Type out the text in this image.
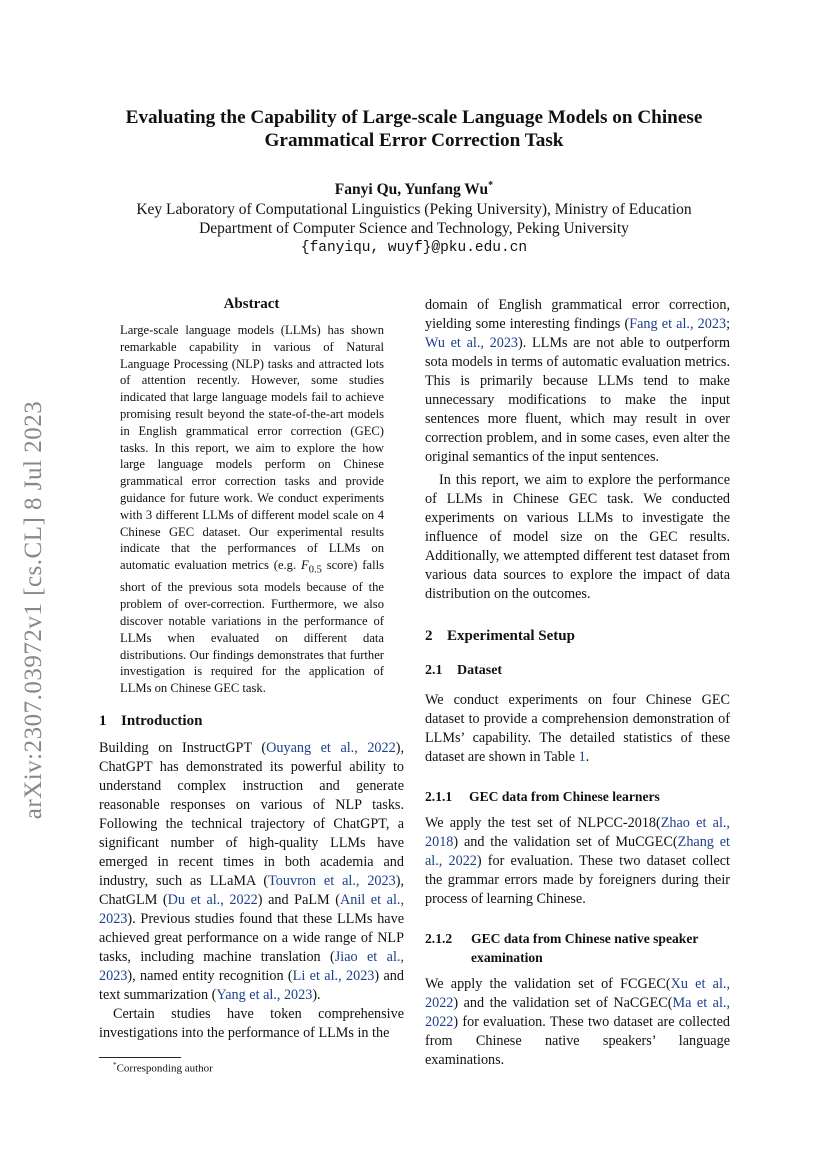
arXiv:2307.03972v1 [cs.CL] 8 Jul 2023
Evaluating the Capability of Large-scale Language Models on Chinese
Grammatical Error Correction Task
Fanyi Qu, Yunfang Wu*
Key Laboratory of Computational Linguistics (Peking University), Ministry of Education
Department of Computer Science and Technology, Peking University
{fanyiqu, wuyf}@pku.edu.cn
Abstract

Large-scale language models (LLMs) has shown remarkable capability in various of Natural Language Processing (NLP) tasks and attracted lots of attention recently. However, some studies indicated that large language models fail to achieve promising result beyond the state-of-the-art models in English grammatical error correction (GEC) tasks. In this report, we aim to explore the how large language models perform on Chinese grammatical error correction tasks and provide guidance for future work. We conduct experiments with 3 different LLMs of different model scale on 4 Chinese GEC dataset. Our experimental results indicate that the performances of LLMs on automatic evaluation metrics (e.g. $F_{0.5}$ score) falls short of the previous sota models because of the problem of over-correction. Furthermore, we also discover notable variations in the performance of LLMs when evaluated on different data distributions. Our findings demonstrates that further investigation is required for the application of LLMs on Chinese GEC task.

1 Introduction

Building on InstructGPT (Ouyang et al., 2022), ChatGPT has demonstrated its powerful ability to understand complex instruction and generate reasonable responses on various of NLP tasks. Following the technical trajectory of ChatGPT, a significant number of high-quality LLMs have emerged in recent times in both academia and industry, such as LLaMA (Touvron et al., 2023), ChatGLM (Du et al., 2022) and PaLM (Anil et al., 2023). Previous studies found that these LLMs have achieved great performance on a wide range of NLP tasks, including machine translation (Jiao et al., 2023), named entity recognition (Li et al., 2023) and text summarization (Yang et al., 2023).

Certain studies have token comprehensive investigations into the performance of LLMs in the

domain of English grammatical error correction, yielding some interesting findings (Fang et al., 2023; Wu et al., 2023). LLMs are not able to outperform sota models in terms of automatic evaluation metrics. This is primarily because LLMs tend to make unnecessary modifications to make the input sentences more fluent, which may result in over correction problem, and in some cases, even alter the original semantics of the input sentences.

In this report, we aim to explore the performance of LLMs in Chinese GEC task. We conducted experiments on various LLMs to investigate the influence of model size on the GEC results. Additionally, we attempted different test dataset from various data sources to explore the impact of data distribution on the outcomes.

2 Experimental Setup
2.1 Dataset

We conduct experiments on four Chinese GEC dataset to provide a comprehension demonstration of LLMs’ capability. The detailed statistics of these dataset are shown in Table 1.

2.1.1 GEC data from Chinese learners

We apply the test set of NLPCC-2018(Zhao et al., 2018) and the validation set of MuCGEC(Zhang et al., 2022) for evaluation. These two dataset collect the grammar errors made by foreigners during their process of learning Chinese.

2.1.2	GEC data from Chinese native speaker examination

We apply the validation set of FCGEC(Xu et al., 2022) and the validation set of NaCGEC(Ma et al., 2022) for evaluation. These two dataset are collected from Chinese native speakers’ language examinations.

*Corresponding author
